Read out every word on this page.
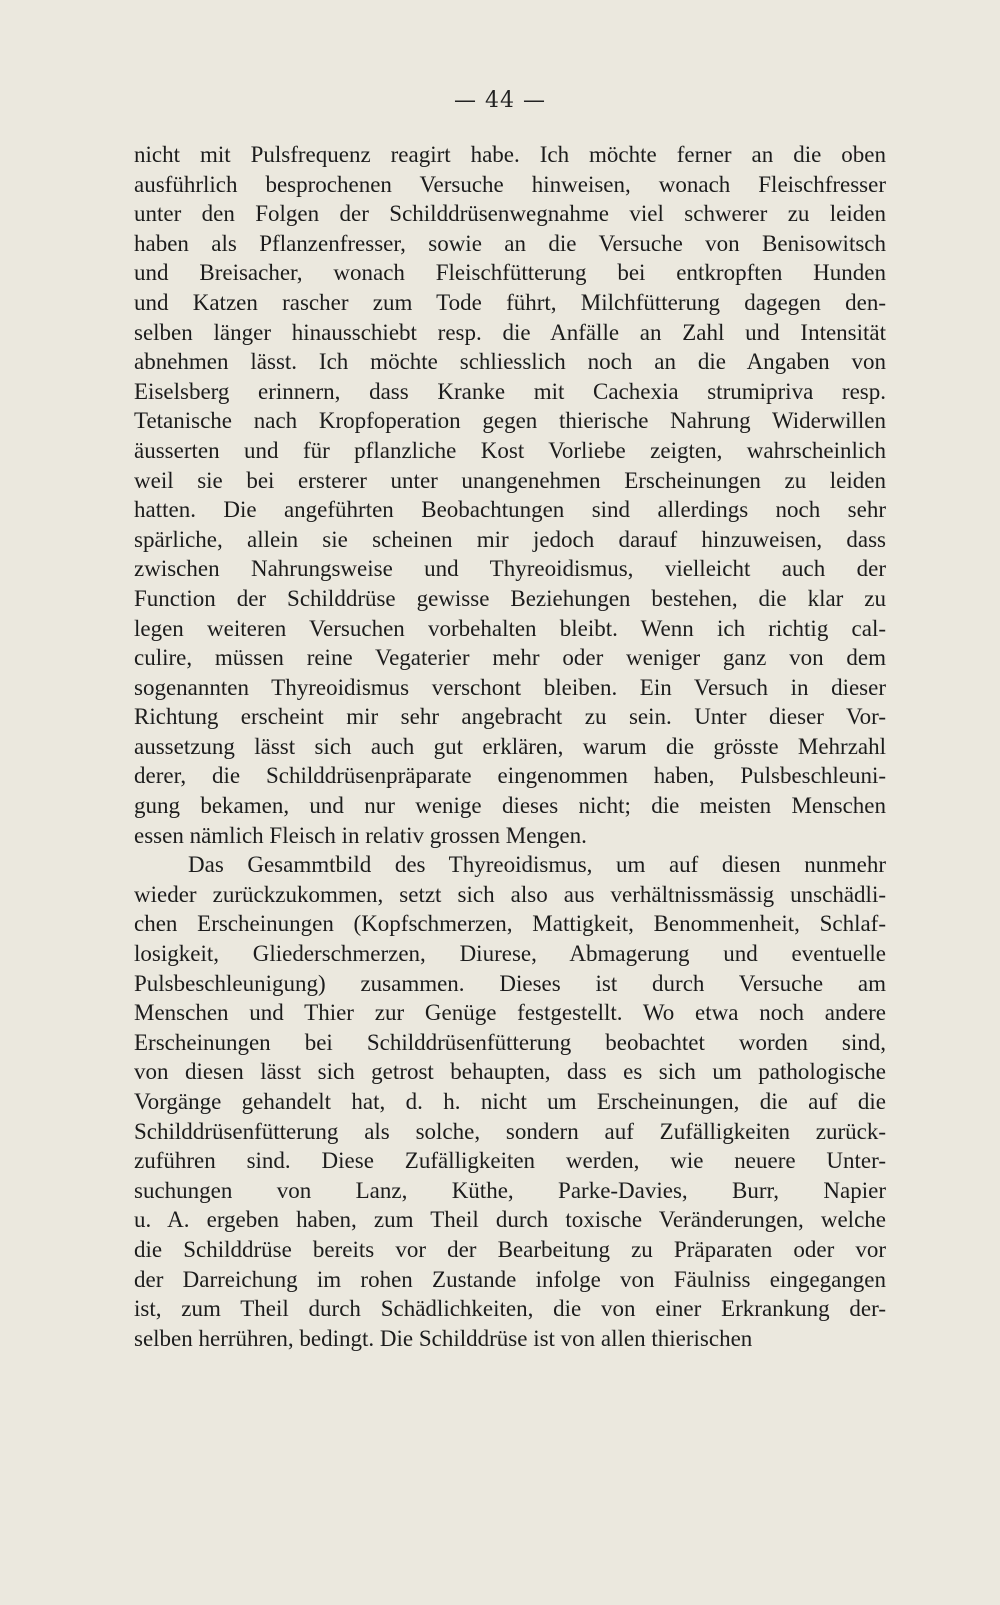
— 44 —
nicht mit Pulsfrequenz reagirt habe. Ich möchte ferner an die oben
ausführlich besprochenen Versuche hinweisen, wonach Fleischfresser
unter den Folgen der Schilddrüsenwegnahme viel schwerer zu leiden
haben als Pflanzenfresser, sowie an die Versuche von Benisowitsch
und Breisacher, wonach Fleischfütterung bei entkropften Hunden
und Katzen rascher zum Tode führt, Milchfütterung dagegen den-
selben länger hinausschiebt resp. die Anfälle an Zahl und Intensität
abnehmen lässt. Ich möchte schliesslich noch an die Angaben von
Eiselsberg erinnern, dass Kranke mit Cachexia strumipriva resp.
Tetanische nach Kropfoperation gegen thierische Nahrung Widerwillen
äusserten und für pflanzliche Kost Vorliebe zeigten, wahrscheinlich
weil sie bei ersterer unter unangenehmen Erscheinungen zu leiden
hatten. Die angeführten Beobachtungen sind allerdings noch sehr
spärliche, allein sie scheinen mir jedoch darauf hinzuweisen, dass
zwischen Nahrungsweise und Thyreoidismus, vielleicht auch der
Function der Schilddrüse gewisse Beziehungen bestehen, die klar zu
legen weiteren Versuchen vorbehalten bleibt. Wenn ich richtig cal-
culire, müssen reine Vegaterier mehr oder weniger ganz von dem
sogenannten Thyreoidismus verschont bleiben. Ein Versuch in dieser
Richtung erscheint mir sehr angebracht zu sein. Unter dieser Vor-
aussetzung lässt sich auch gut erklären, warum die grösste Mehrzahl
derer, die Schilddrüsenpräparate eingenommen haben, Pulsbeschleuni-
gung bekamen, und nur wenige dieses nicht; die meisten Menschen
essen nämlich Fleisch in relativ grossen Mengen.
Das Gesammtbild des Thyreoidismus, um auf diesen nunmehr
wieder zurückzukommen, setzt sich also aus verhältnissmässig unschädli-
chen Erscheinungen (Kopfschmerzen, Mattigkeit, Benommenheit, Schlaf-
losigkeit, Gliederschmerzen, Diurese, Abmagerung und eventuelle
Pulsbeschleunigung) zusammen. Dieses ist durch Versuche am
Menschen und Thier zur Genüge festgestellt. Wo etwa noch andere
Erscheinungen bei Schilddrüsenfütterung beobachtet worden sind,
von diesen lässt sich getrost behaupten, dass es sich um pathologische
Vorgänge gehandelt hat, d. h. nicht um Erscheinungen, die auf die
Schilddrüsenfütterung als solche, sondern auf Zufälligkeiten zurück-
zuführen sind. Diese Zufälligkeiten werden, wie neuere Unter-
suchungen von Lanz, Küthe, Parke-Davies, Burr, Napier
u. A. ergeben haben, zum Theil durch toxische Veränderungen, welche
die Schilddrüse bereits vor der Bearbeitung zu Präparaten oder vor
der Darreichung im rohen Zustande infolge von Fäulniss eingegangen
ist, zum Theil durch Schädlichkeiten, die von einer Erkrankung der-
selben herrühren, bedingt. Die Schilddrüse ist von allen thierischen
